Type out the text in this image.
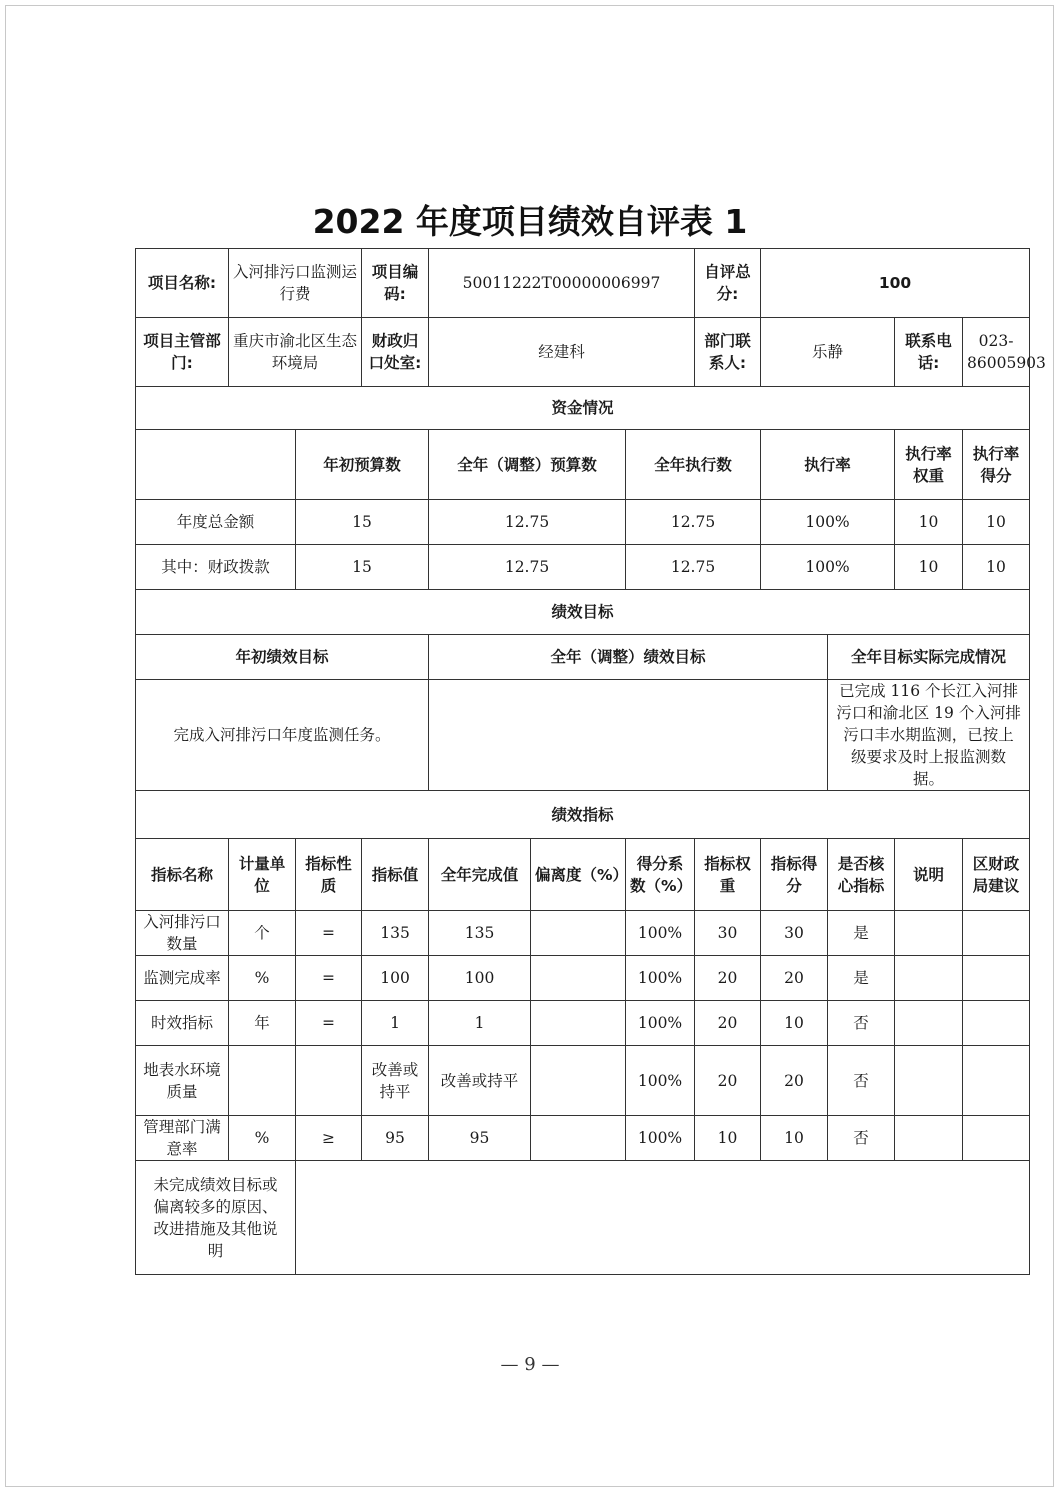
2022 年度项目绩效自评表 1
项目名称:	入河排污口监测运行费		项目编码:	50011222T00000006997			自评总分:	100			
项目主管部门:	重庆市渝北区生态环境局		财政归口处室:	经建科			部门联系人:	乐静		联系电话:	023-86005903
资金情况											
		年初预算数		全年（调整）预算数		全年执行数		执行率		执行率权重	执行率得分
年度总金额		15		12.75		12.75		100%		10	10
其中：财政拨款		15		12.75		12.75		100%		10	10
绩效目标											
年初绩效目标				全年（调整）绩效目标					全年目标实际完成情况		
完成入河排污口年度监测任务。									已完成 116 个长江入河排污口和渝北区 19 个入河排污口丰水期监测，已按上级要求及时上报监测数据。		
绩效指标											
指标名称	计量单位	指标性质	指标值	全年完成值	偏离度（%）	得分系数（%）	指标权重	指标得分	是否核心指标	说明	区财政局建议
入河排污口数量	个	=	135	135		100%	30	30	是		
监测完成率	%	=	100	100		100%	20	20	是		
时效指标	年	=	1	1		100%	20	10	否		
地表水环境质量			改善或持平	改善或持平		100%	20	20	否		
管理部门满意率	%	≥	95	95		100%	10	10	否		
未完成绩效目标或偏离较多的原因、改进措施及其他说明											
— 9 —
